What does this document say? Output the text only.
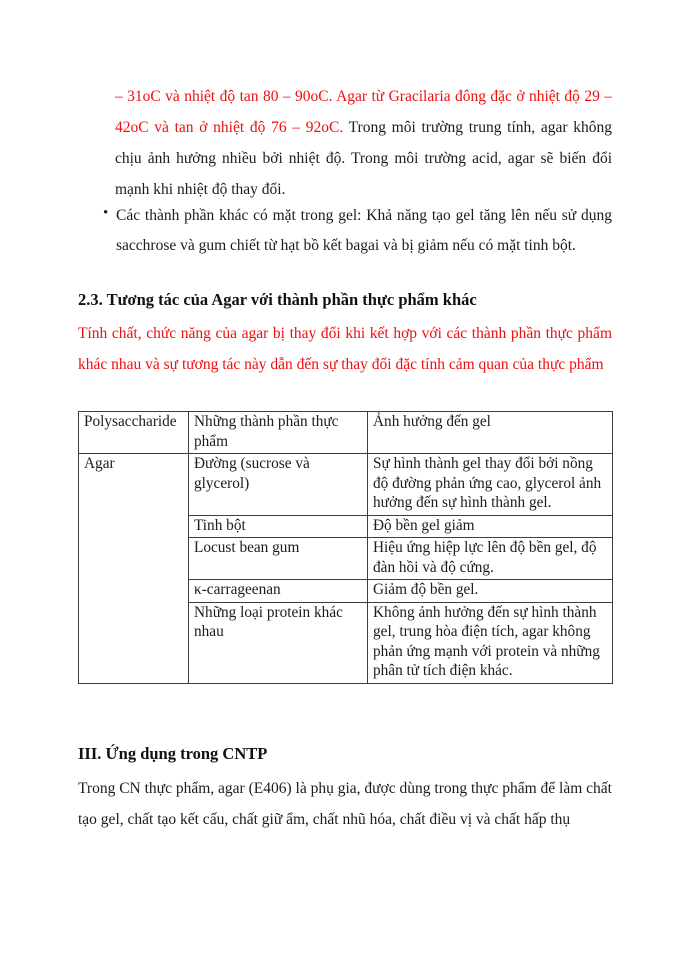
– 31oC và nhiệt độ tan 80 – 90oC. Agar từ Gracilaria đông đặc ở nhiệt độ 29 – 42oC và tan ở nhiệt độ 76 – 92oC. Trong môi trường trung tính, agar không chịu ảnh hưởng nhiều bởi nhiệt độ. Trong môi trường acid, agar sẽ biến đổi mạnh khi nhiệt độ thay đổi.
• Các thành phần khác có mặt trong gel: Khả năng tạo gel tăng lên nếu sử dụng sacchrose và gum chiết từ hạt bồ kết bagai và bị giảm nếu có mặt tinh bột.
2.3. Tương tác của Agar với thành phần thực phẩm khác
Tính chất, chức năng của agar bị thay đổi khi kết hợp với các thành phần thực phẩm khác nhau và sự tương tác này dẫn đến sự thay đổi đặc tính cảm quan của thực phẩm
Polysaccharide	Những thành phần thực phẩm	Ảnh hưởng đến gel
Agar	Đường (sucrose và glycerol)	Sự hình thành gel thay đổi bởi nồng độ đường phản ứng cao, glycerol ảnh hưởng đến sự hình thành gel.
	Tinh bột	Độ bền gel giảm
	Locust bean gum	Hiệu ứng hiệp lực lên độ bền gel, độ đàn hồi và độ cứng.
	κ-carrageenan	Giảm độ bền gel.
	Những loại protein khác nhau	Không ảnh hưởng đến sự hình thành gel, trung hòa điện tích, agar không phản ứng mạnh với protein và những phân tử tích điện khác.
III. Ứng dụng trong CNTP
Trong CN thực phẩm, agar (E406) là phụ gia, được dùng trong thực phẩm để làm chất tạo gel, chất tạo kết cấu, chất giữ ẩm, chất nhũ hóa, chất điều vị và chất hấp thụ
